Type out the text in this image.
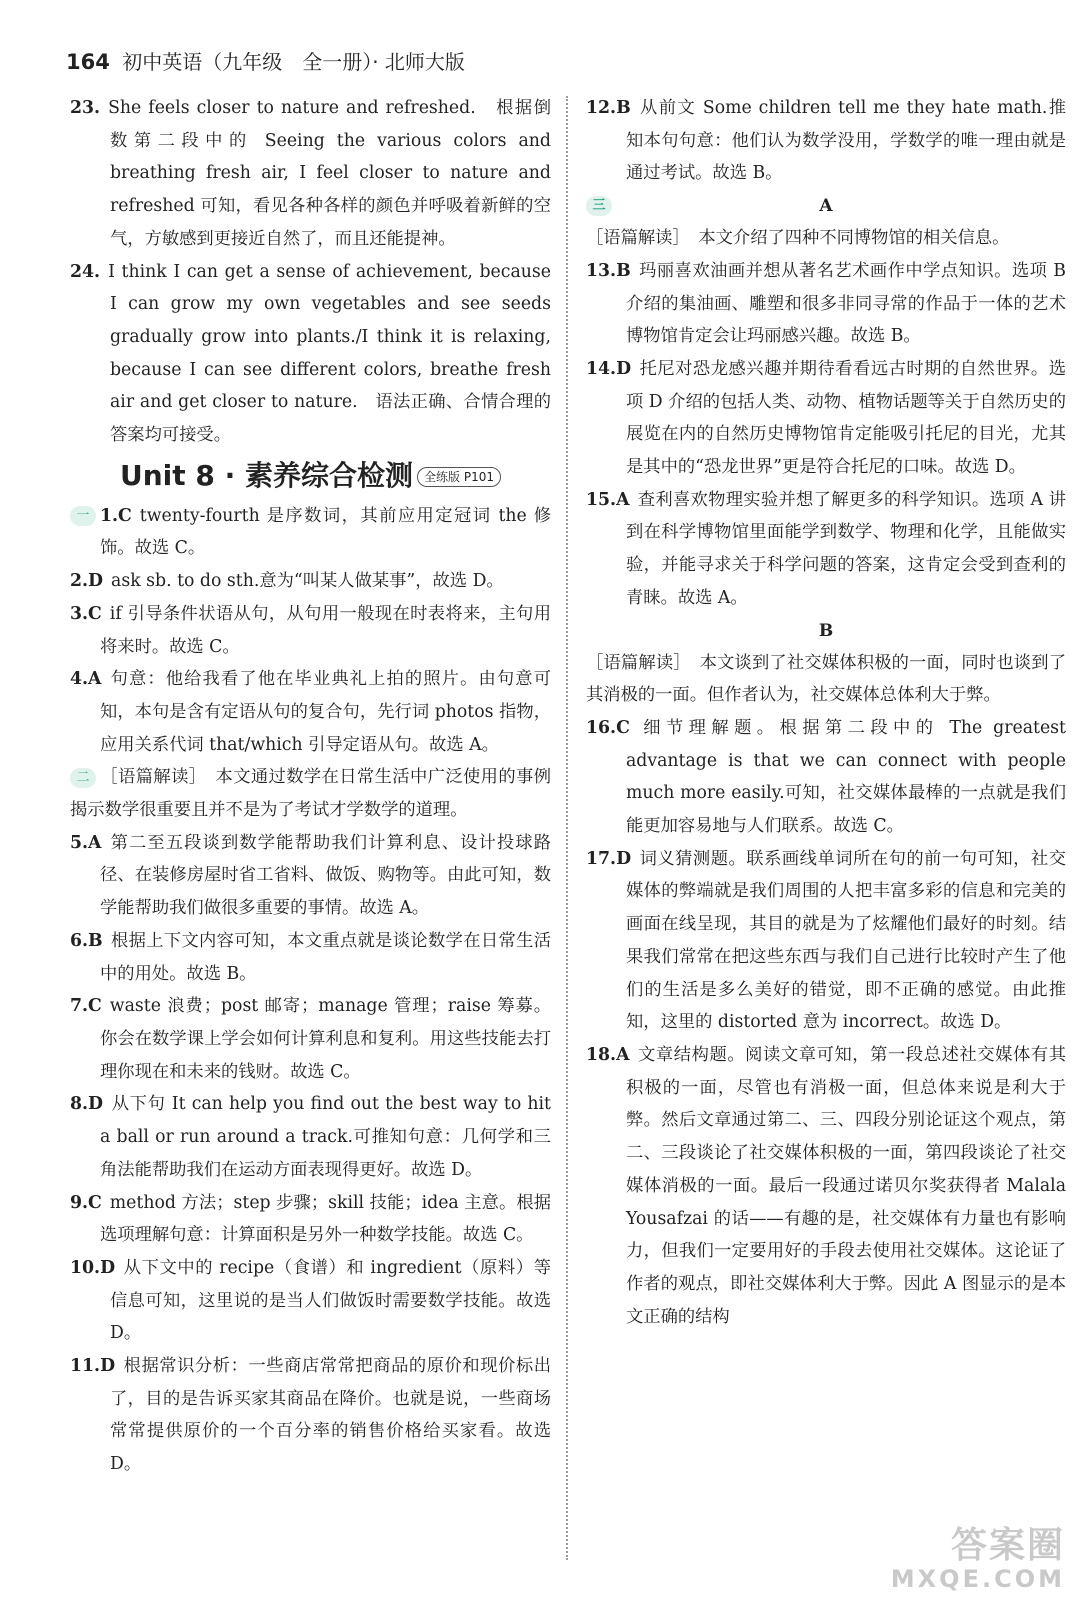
164 初中英语（九年级　全一册）· 北师大版
23. She feels closer to nature and refreshed.　根据倒数第二段中的 Seeing the various colors and breathing fresh air, I feel closer to nature and refreshed 可知，看见各种各样的颜色并呼吸着新鲜的空气，方敏感到更接近自然了，而且还能提神。
24. I think I can get a sense of achievement, because I can grow my own vegetables and see seeds gradually grow into plants./I think it is relaxing, because I can see different colors, breathe fresh air and get closer to nature.　语法正确、合情合理的答案均可接受。
Unit 8 · 素养综合检测 全练版 P101
一 1.C twenty-fourth 是序数词，其前应用定冠词 the 修饰。故选 C。
2.D ask sb. to do sth.意为“叫某人做某事”，故选 D。
3.C if 引导条件状语从句，从句用一般现在时表将来，主句用将来时。故选 C。
4.A 句意：他给我看了他在毕业典礼上拍的照片。由句意可知，本句是含有定语从句的复合句，先行词 photos 指物，应用关系代词 that/which 引导定语从句。故选 A。
二 ［语篇解读］　 本文通过数学在日常生活中广泛使用的事例揭示数学很重要且并不是为了考试才学数学的道理。
5.A 第二至五段谈到数学能帮助我们计算利息、设计投球路径、在装修房屋时省工省料、做饭、购物等。由此可知，数学能帮助我们做很多重要的事情。故选 A。
6.B 根据上下文内容可知，本文重点就是谈论数学在日常生活中的用处。故选 B。
7.C waste 浪费；post 邮寄；manage 管理；raise 筹募。你会在数学课上学会如何计算利息和复利。用这些技能去打理你现在和未来的钱财。故选 C。
8.D 从下句 It can help you find out the best way to hit a ball or run around a track.可推知句意：几何学和三角法能帮助我们在运动方面表现得更好。故选 D。
9.C method 方法；step 步骤；skill 技能；idea 主意。根据选项理解句意：计算面积是另外一种数学技能。故选 C。
10.D 从下文中的 recipe（食谱）和 ingredient（原料）等信息可知，这里说的是当人们做饭时需要数学技能。故选 D。
11.D 根据常识分析：一些商店常常把商品的原价和现价标出了，目的是告诉买家其商品在降价。也就是说，一些商场常常提供原价的一个百分率的销售价格给买家看。故选 D。
12.B 从前文 Some children tell me they hate math.推知本句句意：他们认为数学没用，学数学的唯一理由就是通过考试。故选 B。
三	A
［语篇解读］　 本文介绍了四种不同博物馆的相关信息。
13.B 玛丽喜欢油画并想从著名艺术画作中学点知识。选项 B 介绍的集油画、雕塑和很多非同寻常的作品于一体的艺术博物馆肯定会让玛丽感兴趣。故选 B。
14.D 托尼对恐龙感兴趣并期待看看远古时期的自然世界。选项 D 介绍的包括人类、动物、植物话题等关于自然历史的展览在内的自然历史博物馆肯定能吸引托尼的目光，尤其是其中的“恐龙世界”更是符合托尼的口味。故选 D。
15.A 查利喜欢物理实验并想了解更多的科学知识。选项 A 讲到在科学博物馆里面能学到数学、物理和化学，且能做实验，并能寻求关于科学问题的答案，这肯定会受到查利的青睐。故选 A。
B
［语篇解读］　 本文谈到了社交媒体积极的一面，同时也谈到了其消极的一面。但作者认为，社交媒体总体利大于弊。
16.C 细节理解题。根据第二段中的 The greatest advantage is that we can connect with people much more easily.可知，社交媒体最棒的一点就是我们能更加容易地与人们联系。故选 C。
17.D 词义猜测题。联系画线单词所在句的前一句可知，社交媒体的弊端就是我们周围的人把丰富多彩的信息和完美的画面在线呈现，其目的就是为了炫耀他们最好的时刻。结果我们常常在把这些东西与我们自己进行比较时产生了他们的生活是多么美好的错觉，即不正确的感觉。由此推知，这里的 distorted 意为 incorrect。故选 D。
18.A 文章结构题。阅读文章可知，第一段总述社交媒体有其积极的一面，尽管也有消极一面，但总体来说是利大于弊。然后文章通过第二、三、四段分别论证这个观点，第二、三段谈论了社交媒体积极的一面，第四段谈论了社交媒体消极的一面。最后一段通过诺贝尔奖获得者 Malala Yousafzai 的话——有趣的是，社交媒体有力量也有影响力，但我们一定要用好的手段去使用社交媒体。这论证了作者的观点，即社交媒体利大于弊。因此 A 图显示的是本文正确的结构
答案圈
MXQE.COM
